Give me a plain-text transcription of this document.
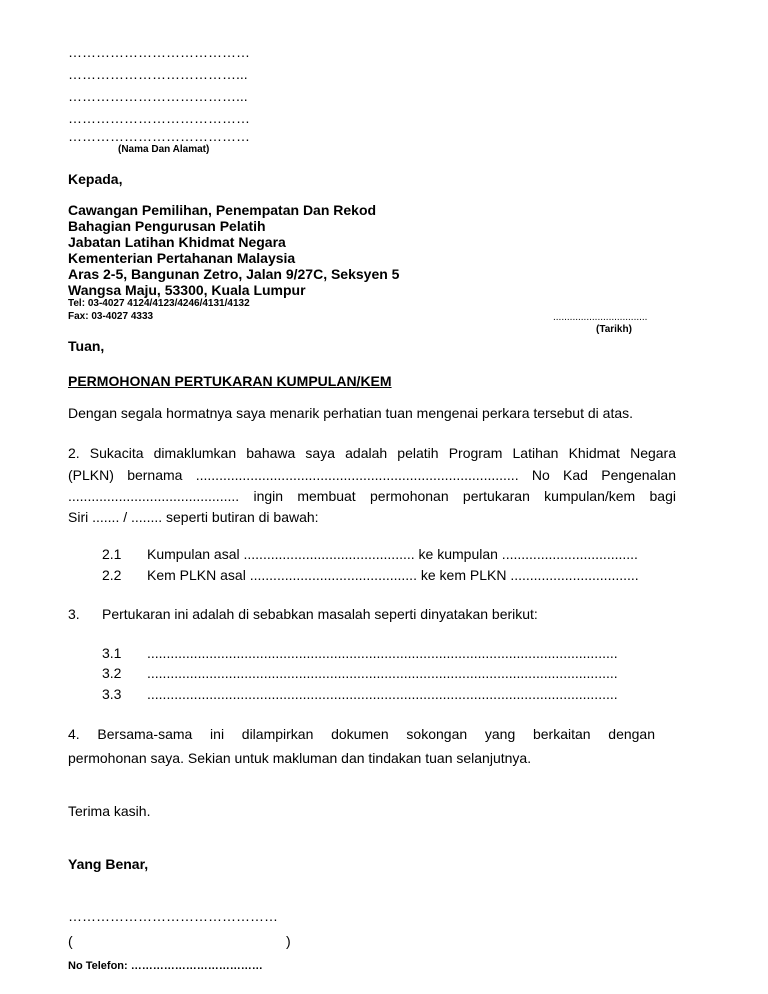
…………………………………
………………………………...
………………………………...
…………………………………
…………………………………
(Nama Dan Alamat)
Kepada,
Cawangan Pemilihan, Penempatan Dan Rekod
Bahagian Pengurusan Pelatih
Jabatan Latihan Khidmat Negara
Kementerian Pertahanan Malaysia
Aras 2-5, Bangunan Zetro, Jalan 9/27C, Seksyen 5
Wangsa Maju, 53300, Kuala Lumpur
Tel: 03-4027 4124/4123/4246/4131/4132
Fax: 03-4027 4333	..................................
(Tarikh)
Tuan,
PERMOHONAN PERTUKARAN KUMPULAN/KEM
Dengan segala hormatnya saya menarik perhatian tuan mengenai perkara tersebut di atas.
2. Sukacita dimaklumkan bahawa saya adalah pelatih Program Latihan Khidmat Negara
(PLKN) bernama ................................................................................... No Kad Pengenalan
............................................ ingin membuat permohonan pertukaran kumpulan/kem bagi
Siri ....... / ........ seperti butiran di bawah:
2.1 Kumpulan asal ............................................ ke kumpulan ...................................
2.2 Kem PLKN asal ........................................... ke kem PLKN .................................
3. Pertukaran ini adalah di sebabkan masalah seperti dinyatakan berikut:
3.1 .........................................................................................................................
3.2 .........................................................................................................................
3.3 .........................................................................................................................
4. Bersama-sama ini dilampirkan dokumen sokongan yang berkaitan dengan
permohonan saya. Sekian untuk makluman dan tindakan tuan selanjutnya.
Terima kasih.
Yang Benar,
………………………………………
(	)
No Telefon: ………………………………
